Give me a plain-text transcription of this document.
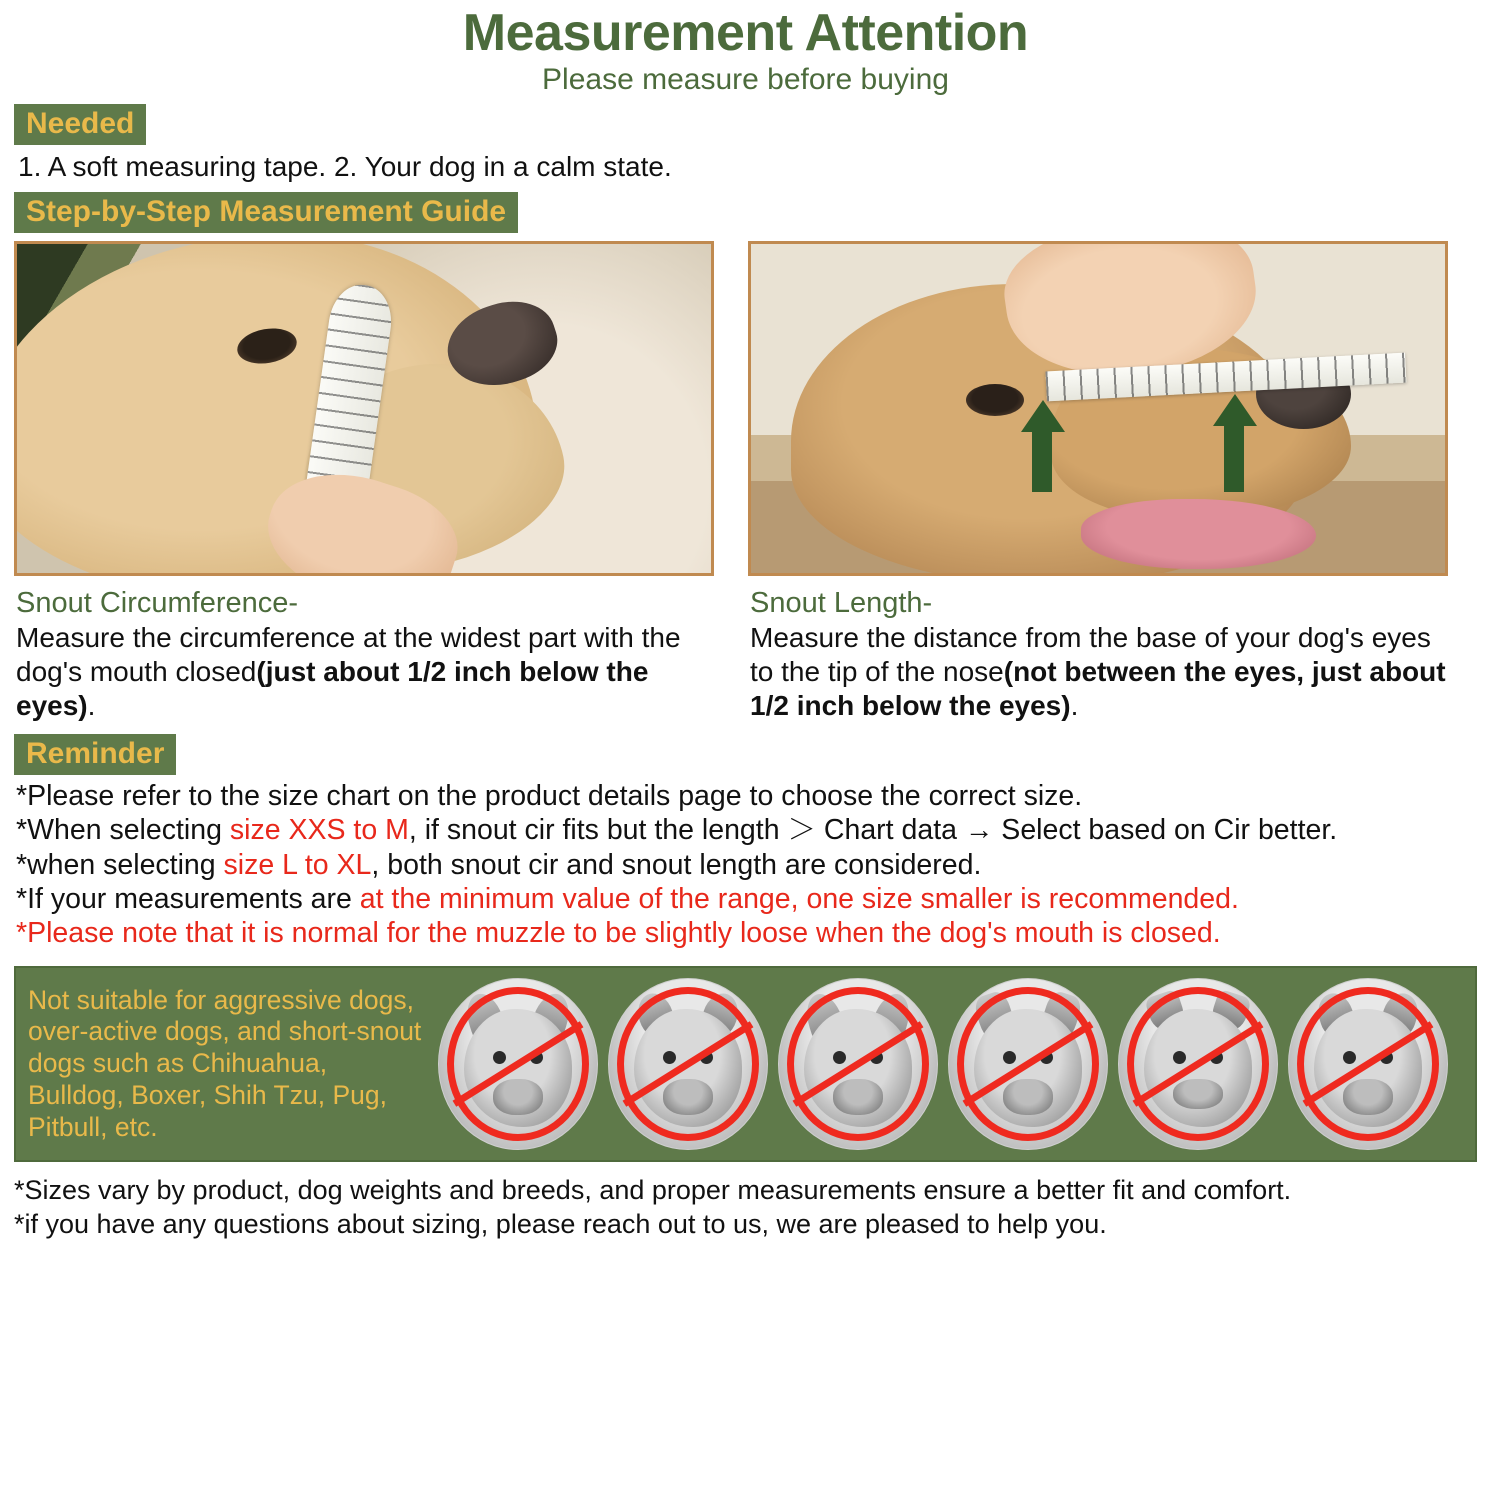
Measurement Attention
Please measure before buying
Needed
1. A soft measuring tape. 2. Your dog in a calm state.
Step-by-Step Measurement Guide
Snout Circumference-
Measure the circumference at the widest part with the dog's mouth closed(just about 1/2 inch below the eyes).
Snout Length-
Measure the distance from the base of your dog's eyes to the tip of the nose(not between the eyes, just about 1/2 inch below the eyes).
Reminder

*Please refer to the size chart on the product details page to choose the correct size.

*When selecting size XXS to M, if snout cir fits but the length ＞ Chart data → Select based on Cir better.

*when selecting size L to XL, both snout cir and snout length are considered.

*If your measurements are at the minimum value of the range, one size smaller is recommended.

*Please note that it is normal for the muzzle to be slightly loose when the dog's mouth is closed.

Not suitable for aggressive dogs, over-active dogs, and short-snout dogs such as Chihuahua, Bulldog, Boxer, Shih Tzu, Pug, Pitbull, etc.

*Sizes vary by product, dog weights and breeds, and proper measurements ensure a better fit and comfort.

*if you have any questions about sizing, please reach out to us, we are pleased to help you.
